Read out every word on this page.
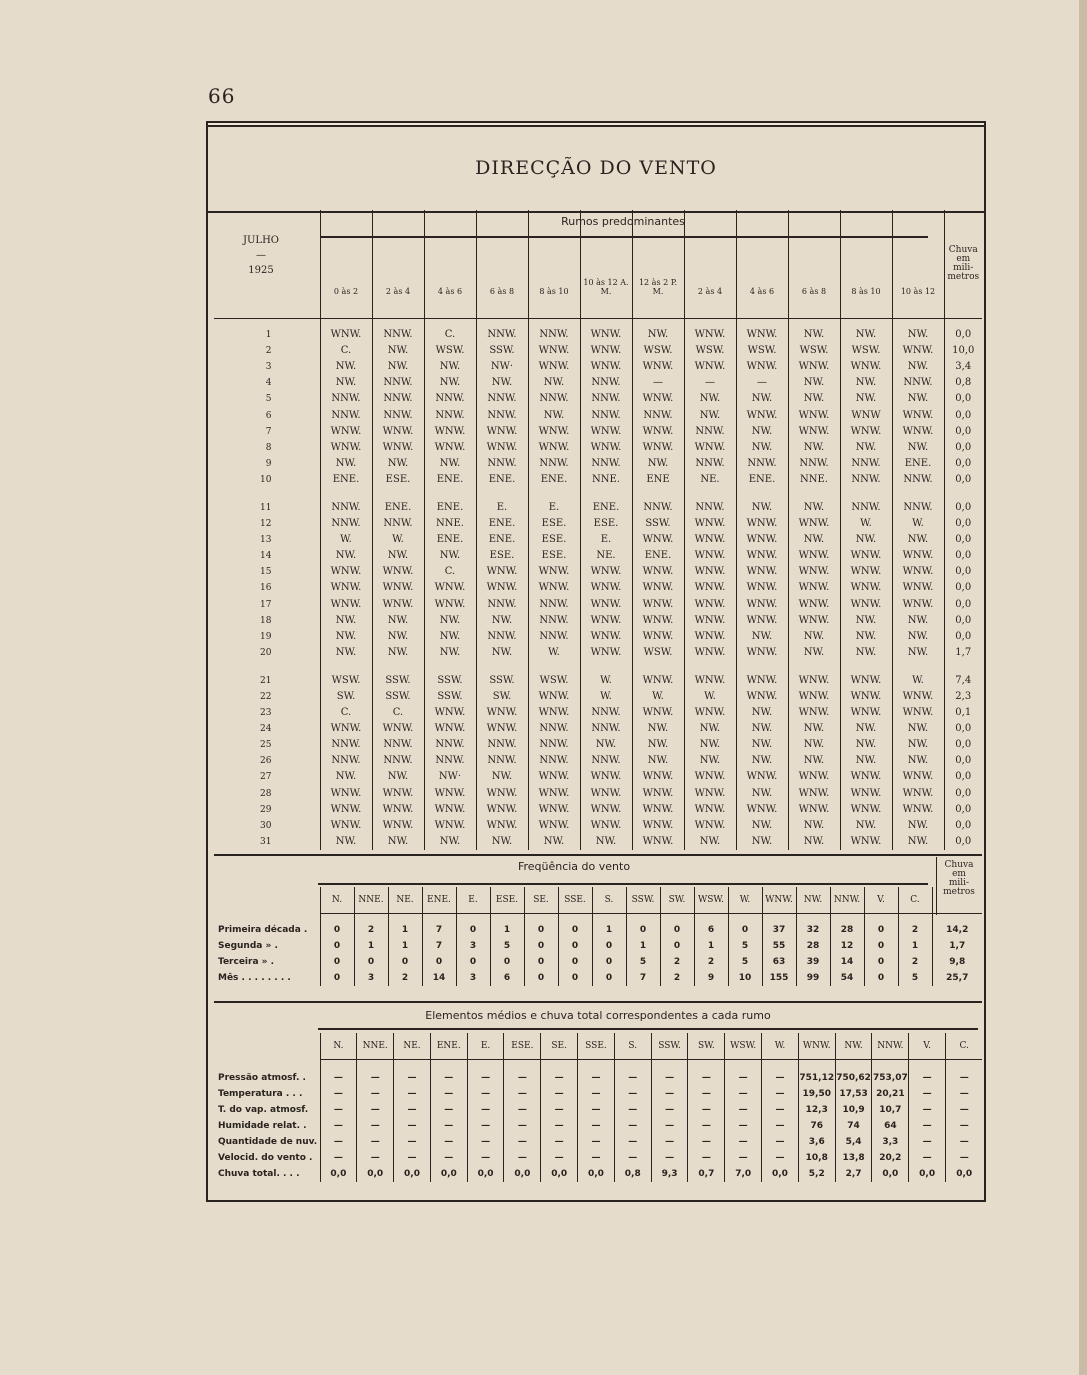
66
DIRECÇÃO DO VENTO
Rumos predominantes
JULHO
—
1925
	0 às 2	2 às 4	4 às 6	6 às 8	8 às 10	10 às 12 A. M.	12 às 2 P. M.	2 às 4	4 às 6	6 às 8	8 às 10	10 às 12	Chuva
em
mili-
metros

1	WNW.	NNW.	C.	NNW.	NNW.	WNW.	NW.	WNW.	WNW.	NW.	NW.	NW.	0,0
2	C.	NW.	WSW.	SSW.	WNW.	WNW.	WSW.	WSW.	WSW.	WSW.	WSW.	WNW.	10,0
3	NW.	NW.	NW.	NW·	WNW.	WNW.	WNW.	WNW.	WNW.	WNW.	WNW.	NW.	3,4
4	NW.	NNW.	NW.	NW.	NW.	NNW.	—	—	—	NW.	NW.	NNW.	0,8
5	NNW.	NNW.	NNW.	NNW.	NNW.	NNW.	WNW.	NW.	NW.	NW.	NW.	NW.	0,0
6	NNW.	NNW.	NNW.	NNW.	NW.	NNW.	NNW.	NW.	WNW.	WNW.	WNW	WNW.	0,0
7	WNW.	WNW.	WNW.	WNW.	WNW.	WNW.	WNW.	NNW.	NW.	WNW.	WNW.	WNW.	0,0
8	WNW.	WNW.	WNW.	WNW.	WNW.	WNW.	WNW.	WNW.	NW.	NW.	NW.	NW.	0,0
9	NW.	NW.	NW.	NNW.	NNW.	NNW.	NW.	NNW.	NNW.	NNW.	NNW.	ENE.	0,0
10	ENE.	ESE.	ENE.	ENE.	ENE.	NNE.	ENE	NE.	ENE.	NNE.	NNW.	NNW.	0,0

11	NNW.	ENE.	ENE.	E.	E.	ENE.	NNW.	NNW.	NW.	NW.	NNW.	NNW.	0,0
12	NNW.	NNW.	NNE.	ENE.	ESE.	ESE.	SSW.	WNW.	WNW.	WNW.	W.	W.	0,0
13	W.	W.	ENE.	ENE.	ESE.	E.	WNW.	WNW.	WNW.	NW.	NW.	NW.	0,0
14	NW.	NW.	NW.	ESE.	ESE.	NE.	ENE.	WNW.	WNW.	WNW.	WNW.	WNW.	0,0
15	WNW.	WNW.	C.	WNW.	WNW.	WNW.	WNW.	WNW.	WNW.	WNW.	WNW.	WNW.	0,0
16	WNW.	WNW.	WNW.	WNW.	WNW.	WNW.	WNW.	WNW.	WNW.	WNW.	WNW.	WNW.	0,0
17	WNW.	WNW.	WNW.	NNW.	NNW.	WNW.	WNW.	WNW.	WNW.	WNW.	WNW.	WNW.	0,0
18	NW.	NW.	NW.	NW.	NNW.	WNW.	WNW.	WNW.	WNW.	WNW.	NW.	NW.	0,0
19	NW.	NW.	NW.	NNW.	NNW.	WNW.	WNW.	WNW.	NW.	NW.	NW.	NW.	0,0
20	NW.	NW.	NW.	NW.	W.	WNW.	WSW.	WNW.	WNW.	NW.	NW.	NW.	1,7

21	WSW.	SSW.	SSW.	SSW.	WSW.	W.	WNW.	WNW.	WNW.	WNW.	WNW.	W.	7,4
22	SW.	SSW.	SSW.	SW.	WNW.	W.	W.	W.	WNW.	WNW.	WNW.	WNW.	2,3
23	C.	C.	WNW.	WNW.	WNW.	NNW.	WNW.	WNW.	NW.	WNW.	WNW.	WNW.	0,1
24	WNW.	WNW.	WNW.	WNW.	NNW.	NNW.	NW.	NW.	NW.	NW.	NW.	NW.	0,0
25	NNW.	NNW.	NNW.	NNW.	NNW.	NW.	NW.	NW.	NW.	NW.	NW.	NW.	0,0
26	NNW.	NNW.	NNW.	NNW.	NNW.	NNW.	NW.	NW.	NW.	NW.	NW.	NW.	0,0
27	NW.	NW.	NW·	NW.	WNW.	WNW.	WNW.	WNW.	WNW.	WNW.	WNW.	WNW.	0,0
28	WNW.	WNW.	WNW.	WNW.	WNW.	WNW.	WNW.	WNW.	NW.	WNW.	WNW.	WNW.	0,0
29	WNW.	WNW.	WNW.	WNW.	WNW.	WNW.	WNW.	WNW.	WNW.	WNW.	WNW.	WNW.	0,0
30	WNW.	WNW.	WNW.	WNW.	WNW.	WNW.	WNW.	WNW.	NW.	NW.	NW.	NW.	0,0
31	NW.	NW.	NW.	NW.	NW.	NW.	WNW.	NW.	NW.	NW.	WNW.	NW.	0,0
Freqüência do vento	Chuva
em
mili-
metros
	N.	NNE.	NE.	ENE.	E.	ESE.	SE.	SSE.	S.	SSW.	SW.	WSW.	W.	WNW.	NW.	NNW.	V.	C.	
Primeira década .	0	2	1	7	0	1	0	0	1	0	0	6	0	37	32	28	0	2	14,2
Segunda » .	0	1	1	7	3	5	0	0	0	1	0	1	5	55	28	12	0	1	1,7
Terceira » .	0	0	0	0	0	0	0	0	0	5	2	2	5	63	39	14	0	2	9,8
Mês . . . . . . . .	0	3	2	14	3	6	0	0	0	7	2	9	10	155	99	54	0	5	25,7
Elementos médios e chuva total correspondentes a cada rumo
	N.	NNE.	NE.	ENE.	E.	ESE.	SE.	SSE.	S.	SSW.	SW.	WSW.	W.	WNW.	NW.	NNW.	V.	C.
Pressão atmosf. .	—	—	—	—	—	—	—	—	—	—	—	—	—	751,12	750,62	753,07	—	—
Temperatura . . .	—	—	—	—	—	—	—	—	—	—	—	—	—	19,50	17,53	20,21	—	—
T. do vap. atmosf.	—	—	—	—	—	—	—	—	—	—	—	—	—	12,3	10,9	10,7	—	—
Humidade relat. .	—	—	—	—	—	—	—	—	—	—	—	—	—	76	74	64	—	—
Quantidade de nuv.	—	—	—	—	—	—	—	—	—	—	—	—	—	3,6	5,4	3,3	—	—
Velocid. do vento .	—	—	—	—	—	—	—	—	—	—	—	—	—	10,8	13,8	20,2	—	—
Chuva total. . . .	0,0	0,0	0,0	0,0	0,0	0,0	0,0	0,0	0,8	9,3	0,7	7,0	0,0	5,2	2,7	0,0	0,0	0,0
